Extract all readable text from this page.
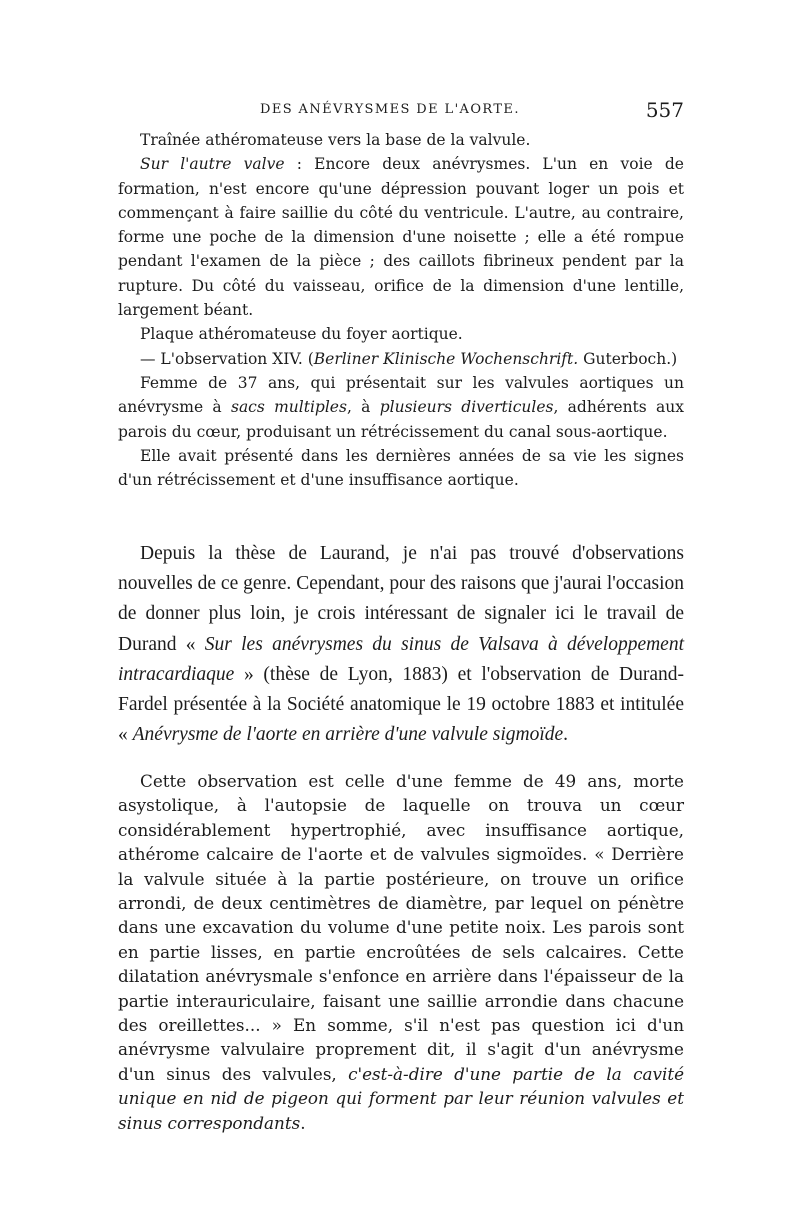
DES ANÉVRYSMES DE L'AORTE.	557

Traînée athéromateuse vers la base de la valvule.

Sur l'autre valve : Encore deux anévrysmes. L'un en voie de formation, n'est encore qu'une dépression pouvant loger un pois et commençant à faire saillie du côté du ventricule. L'autre, au contraire, forme une poche de la dimension d'une noisette ; elle a été rompue pendant l'examen de la pièce ; des caillots fibrineux pendent par la rupture. Du côté du vaisseau, orifice de la dimension d'une lentille, largement béant.

Plaque athéromateuse du foyer aortique.

— L'observation XIV. (Berliner Klinische Wochenschrift. Guterboch.)

Femme de 37 ans, qui présentait sur les valvules aortiques un anévrysme à sacs multiples, à plusieurs diverticules, adhérents aux parois du cœur, produisant un rétrécissement du canal sous-aortique.

Elle avait présenté dans les dernières années de sa vie les signes d'un rétrécissement et d'une insuffisance aortique.

Depuis la thèse de Laurand, je n'ai pas trouvé d'observations nouvelles de ce genre. Cependant, pour des raisons que j'aurai l'occasion de donner plus loin, je crois intéressant de signaler ici le travail de Durand « Sur les anévrysmes du sinus de Valsava à développement intracardiaque » (thèse de Lyon, 1883) et l'observation de Durand-Fardel présentée à la Société anatomique le 19 octobre 1883 et intitulée « Anévrysme de l'aorte en arrière d'une valvule sigmoïde.

Cette observation est celle d'une femme de 49 ans, morte asystolique, à l'autopsie de laquelle on trouva un cœur considérablement hypertrophié, avec insuffisance aortique, athérome calcaire de l'aorte et de valvules sigmoïdes. « Derrière la valvule située à la partie postérieure, on trouve un orifice arrondi, de deux centimètres de diamètre, par lequel on pénètre dans une excavation du volume d'une petite noix. Les parois sont en partie lisses, en partie encroûtées de sels calcaires. Cette dilatation anévrysmale s'enfonce en arrière dans l'épaisseur de la partie interauriculaire, faisant une saillie arrondie dans chacune des oreillettes... » En somme, s'il n'est pas question ici d'un anévrysme valvulaire proprement dit, il s'agit d'un anévrysme d'un sinus des valvules, c'est-à-dire d'une partie de la cavité unique en nid de pigeon qui forment par leur réunion valvules et sinus correspondants.
